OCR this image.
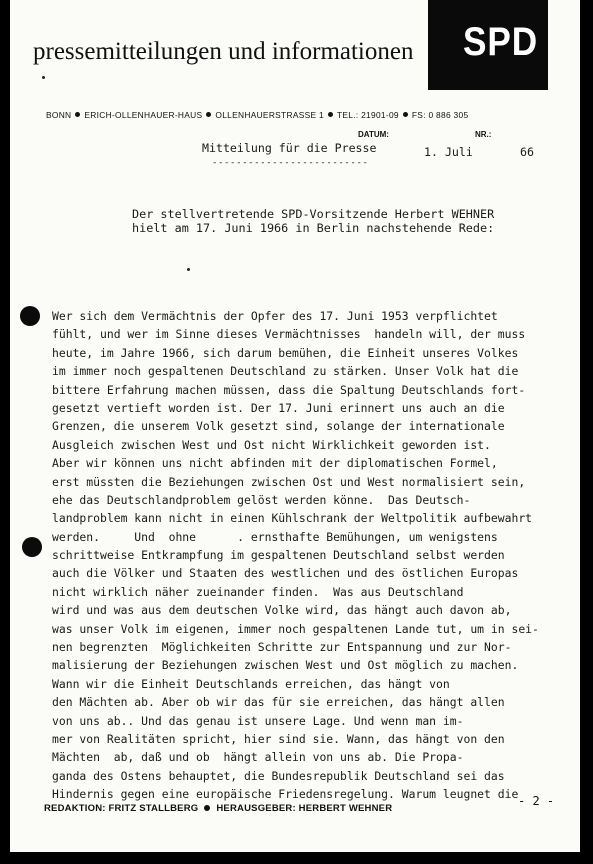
SPD
pressemitteilungen und informationen
BONN ERICH-OLLENHAUER-HAUS OLLENHAUERSTRASSE 1 TEL.: 21901-09 FS: 0 886 305
DATUM:	NR.:
Mitteilung für die Presse
--------------------------
1. Juli	66
Der stellvertretende SPD-Vorsitzende Herbert WEHNER
hielt am 17. Juni 1966 in Berlin nachstehende Rede:
Wer sich dem Vermächtnis der Opfer des 17. Juni 1953 verpflichtet
fühlt, und wer im Sinne dieses Vermächtnisses  handeln will, der muss
heute, im Jahre 1966, sich darum bemühen, die Einheit unseres Volkes
im immer noch gespaltenen Deutschland zu stärken. Unser Volk hat die
bittere Erfahrung machen müssen, dass die Spaltung Deutschlands fort-
gesetzt vertieft worden ist. Der 17. Juni erinnert uns auch an die
Grenzen, die unserem Volk gesetzt sind, solange der internationale
Ausgleich zwischen West und Ost nicht Wirklichkeit geworden ist.
Aber wir können uns nicht abfinden mit der diplomatischen Formel,
erst müssten die Beziehungen zwischen Ost und West normalisiert sein,
ehe das Deutschlandproblem gelöst werden könne.  Das Deutsch-
landproblem kann nicht in einen Kühlschrank der Weltpolitik aufbewahrt
werden.     Und  ohne      . ernsthafte Bemühungen, um wenigstens
schrittweise Entkrampfung im gespaltenen Deutschland selbst werden
auch die Völker und Staaten des westlichen und des östlichen Europas
nicht wirklich näher zueinander finden.  Was aus Deutschland
wird und was aus dem deutschen Volke wird, das hängt auch davon ab,
was unser Volk im eigenen, immer noch gespaltenen Lande tut, um in sei-
nen begrenzten  Möglichkeiten Schritte zur Entspannung und zur Nor-
malisierung der Beziehungen zwischen West und Ost möglich zu machen.
Wann wir die Einheit Deutschlands erreichen, das hängt von
den Mächten ab. Aber ob wir das für sie erreichen, das hängt allen
von uns ab.. Und das genau ist unsere Lage. Und wenn man im-
mer von Realitäten spricht, hier sind sie. Wann, das hängt von den
Mächten  ab, daß und ob  hängt allein von uns ab. Die Propa-
ganda des Ostens behauptet, die Bundesrepublik Deutschland sei das
Hindernis gegen eine europäische Friedensregelung. Warum leugnet die - 2 -
REDAKTION: FRITZ STALLBERG HERAUSGEBER: HERBERT WEHNER
